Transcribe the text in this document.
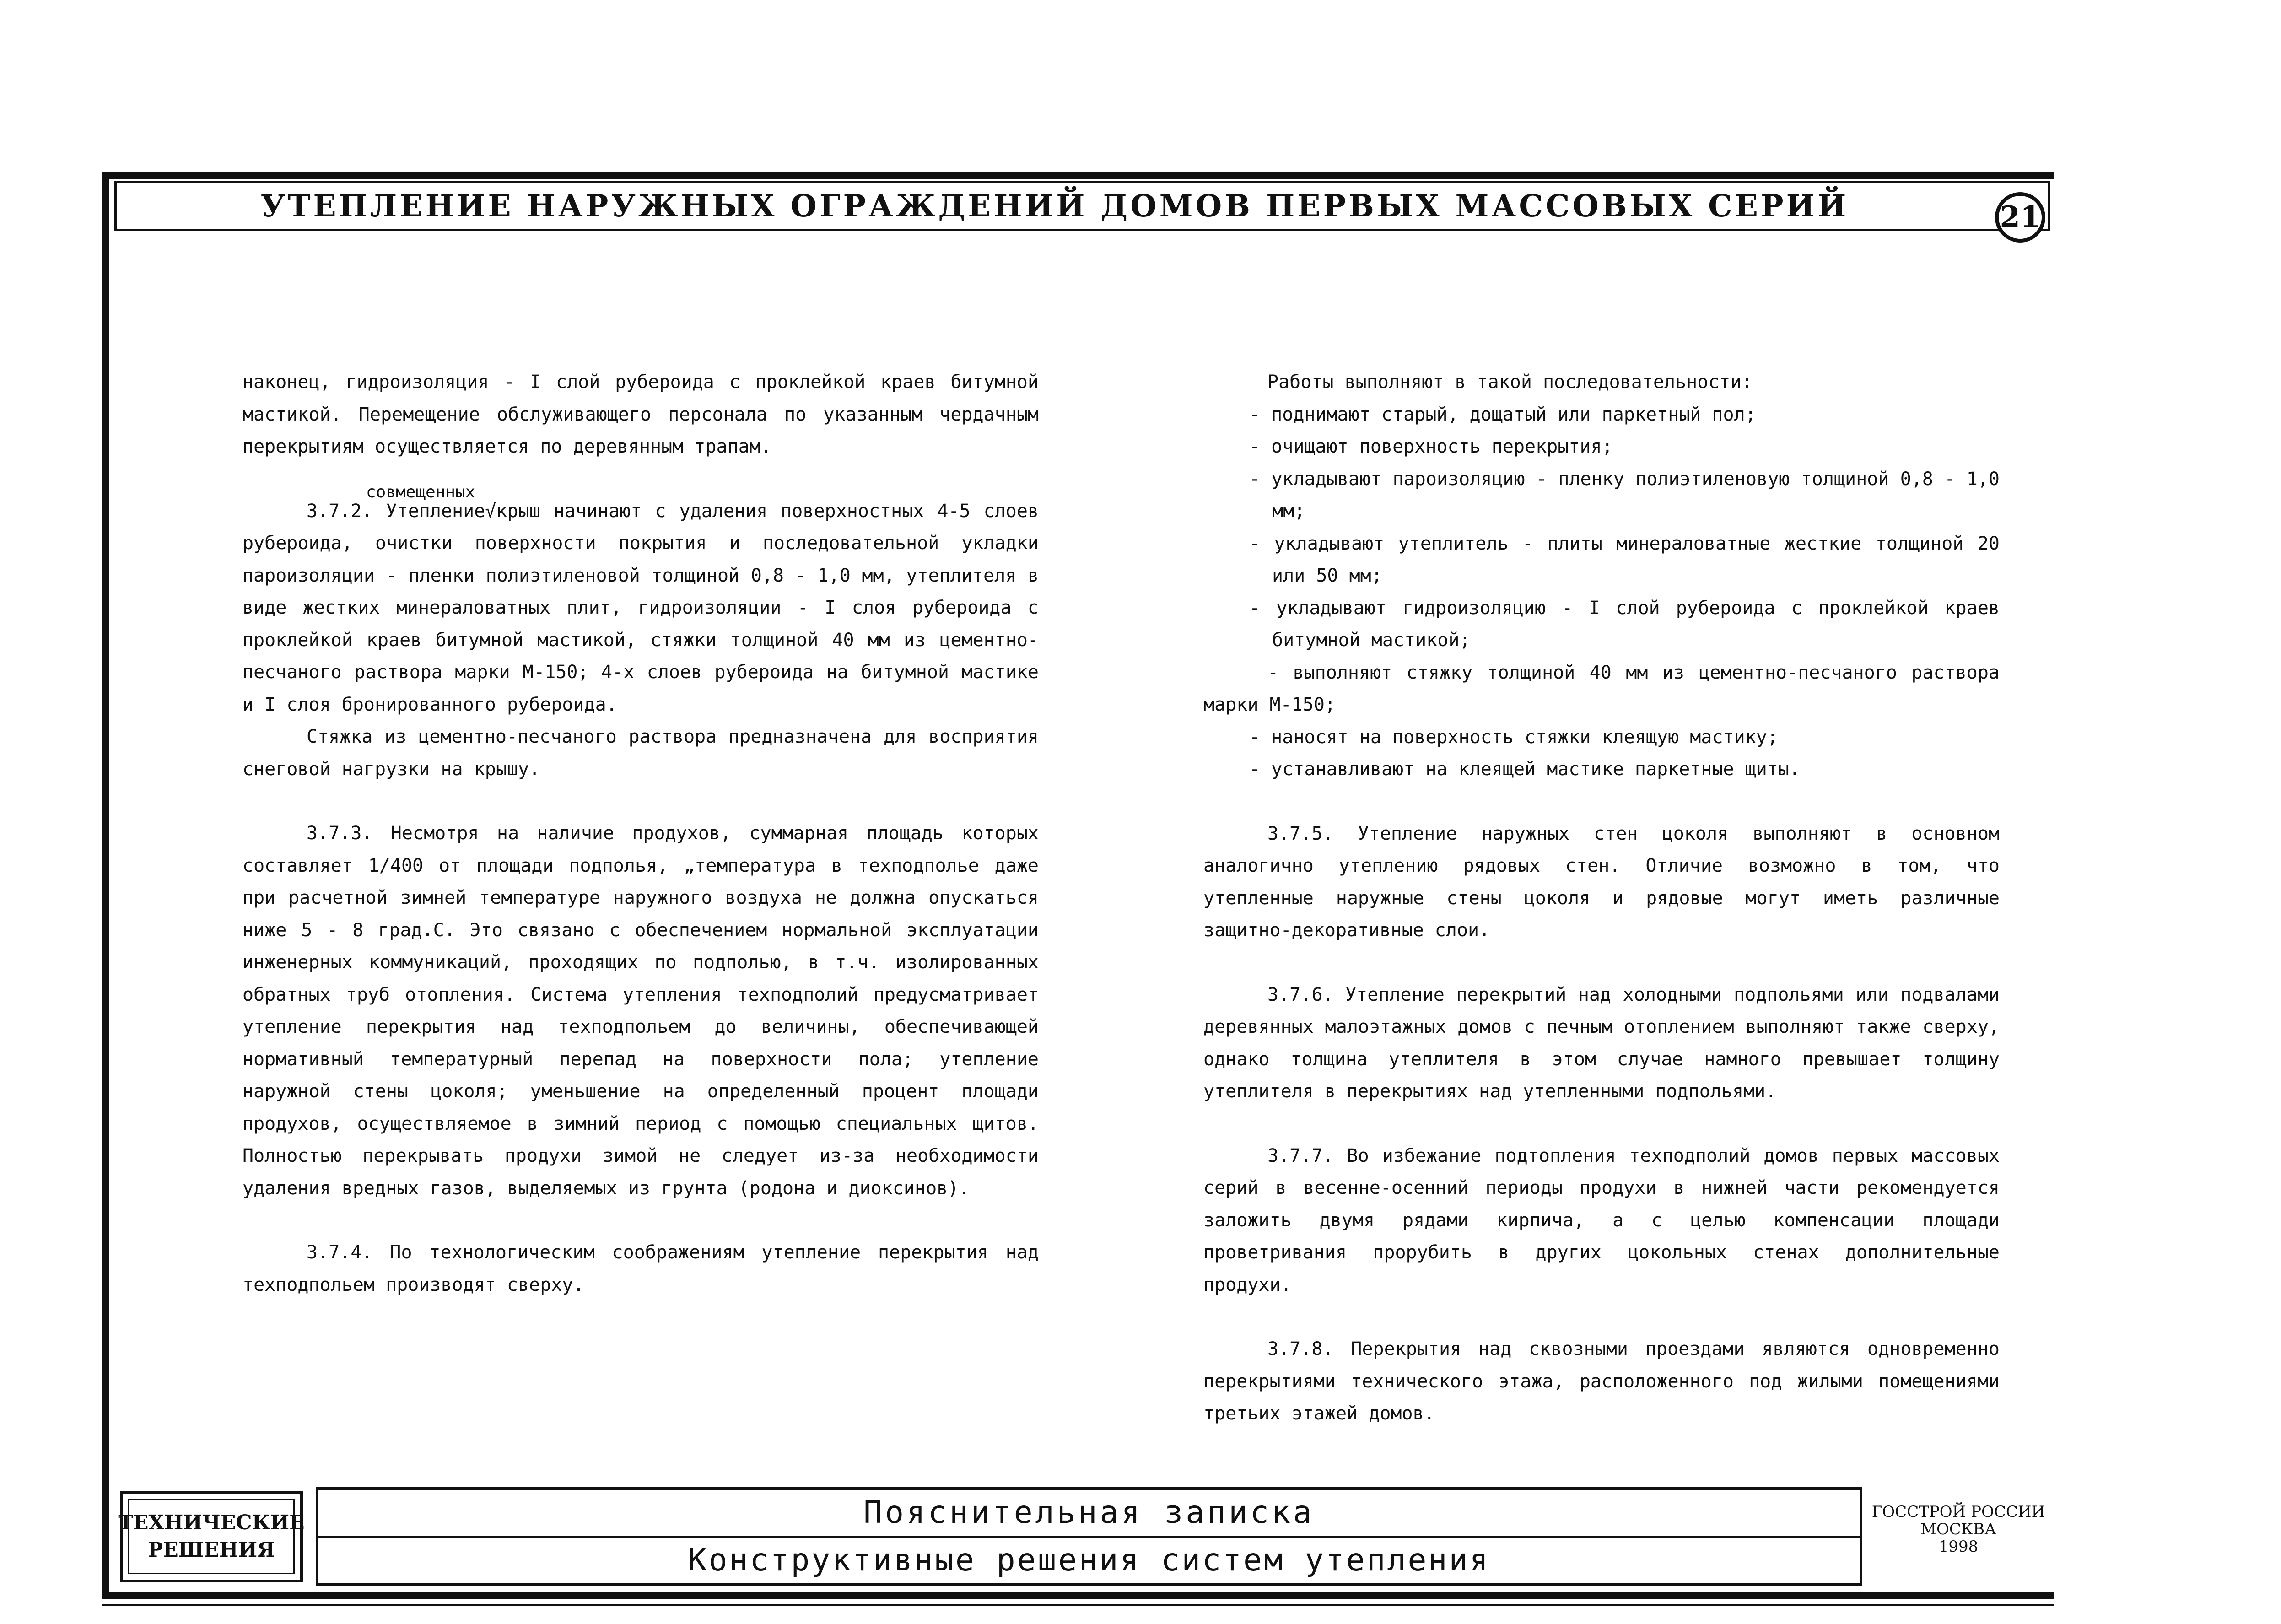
УТЕПЛЕНИЕ НАРУЖНЫХ ОГРАЖДЕНИЙ ДОМОВ ПЕРВЫХ МАССОВЫХ СЕРИЙ	21

наконец, гидроизоляция - I слой рубероида с проклейкой краев битумной мастикой. Перемещение обслуживающего персонала по указанным чердачным перекрытиям осуществляется по деревянным трапам.

3.7.2. Утепление
совмещенных
√крыш начинают с удаления поверхностных 4-5 слоев рубероида, очистки поверхности покрытия и последовательной укладки пароизоляции - пленки полиэтиленовой толщиной 0,8 - 1,0 мм, утеплителя в виде жестких минераловатных плит, гидроизоляции - I слоя рубероида с проклейкой краев битумной мастикой, стяжки толщиной 40 мм из цементно-песчаного раствора марки М-150; 4-х слоев рубероида на битумной мастике и I слоя бронированного рубероида.

Стяжка из цементно-песчаного раствора предназначена для восприятия снеговой нагрузки на крышу.

3.7.3. Несмотря на наличие продухов, суммарная площадь которых составляет 1/400 от площади подполья, „температура в техподполье даже при расчетной зимней температуре наружного воздуха не должна опускаться ниже 5 - 8 град.С. Это связано с обеспечением нормальной эксплуатации инженерных коммуникаций, проходящих по подполью, в т.ч. изолированных обратных труб отопления. Система утепления техподполий предусматривает утепление перекрытия над техподпольем до величины, обеспечивающей нормативный температурный перепад на поверхности пола; утепление наружной стены цоколя; уменьшение на определенный процент площади продухов, осуществляемое в зимний период с помощью специальных щитов. Полностью перекрывать продухи зимой не следует из-за необходимости удаления вредных газов, выделяемых из грунта (родона и диоксинов).

3.7.4. По технологическим соображениям утепление перекрытия над техподпольем производят сверху.

Работы выполняют в такой последовательности:

- поднимают старый, дощатый или паркетный пол;

- очищают поверхность перекрытия;

- укладывают пароизоляцию - пленку полиэтиленовую толщиной 0,8 - 1,0 мм;

- укладывают утеплитель - плиты минераловатные жесткие толщиной 20 или 50 мм;

- укладывают гидроизоляцию - I слой рубероида с проклейкой краев битумной мастикой;

- выполняют стяжку толщиной 40 мм из цементно-песчаного раствора марки М-150;

- наносят на поверхность стяжки клеящую мастику;

- устанавливают на клеящей мастике паркетные щиты.

3.7.5. Утепление наружных стен цоколя выполняют в основном аналогично утеплению рядовых стен. Отличие возможно в том, что утепленные наружные стены цоколя и рядовые могут иметь различные защитно-декоративные слои.

3.7.6. Утепление перекрытий над холодными подпольями или подвалами деревянных малоэтажных домов с печным отоплением выполняют также сверху, однако толщина утеплителя в этом случае намного превышает толщину утеплителя в перекрытиях над утепленными подпольями.

3.7.7. Во избежание подтопления техподполий домов первых массовых серий в весенне-осенний периоды продухи в нижней части рекомендуется заложить двумя рядами кирпича, а с целью компенсации площади проветривания прорубить в других цокольных стенах дополнительные продухи.

3.7.8. Перекрытия над сквозными проездами являются одновременно перекрытиями технического этажа, расположенного под жилыми помещениями третьих этажей домов.

ТЕХНИЧЕСКИЕ
РЕШЕНИЯ
Пояснительная записка
Конструктивные решения систем утепления
ГОССТРОЙ РОССИИ
МОСКВА
1998
